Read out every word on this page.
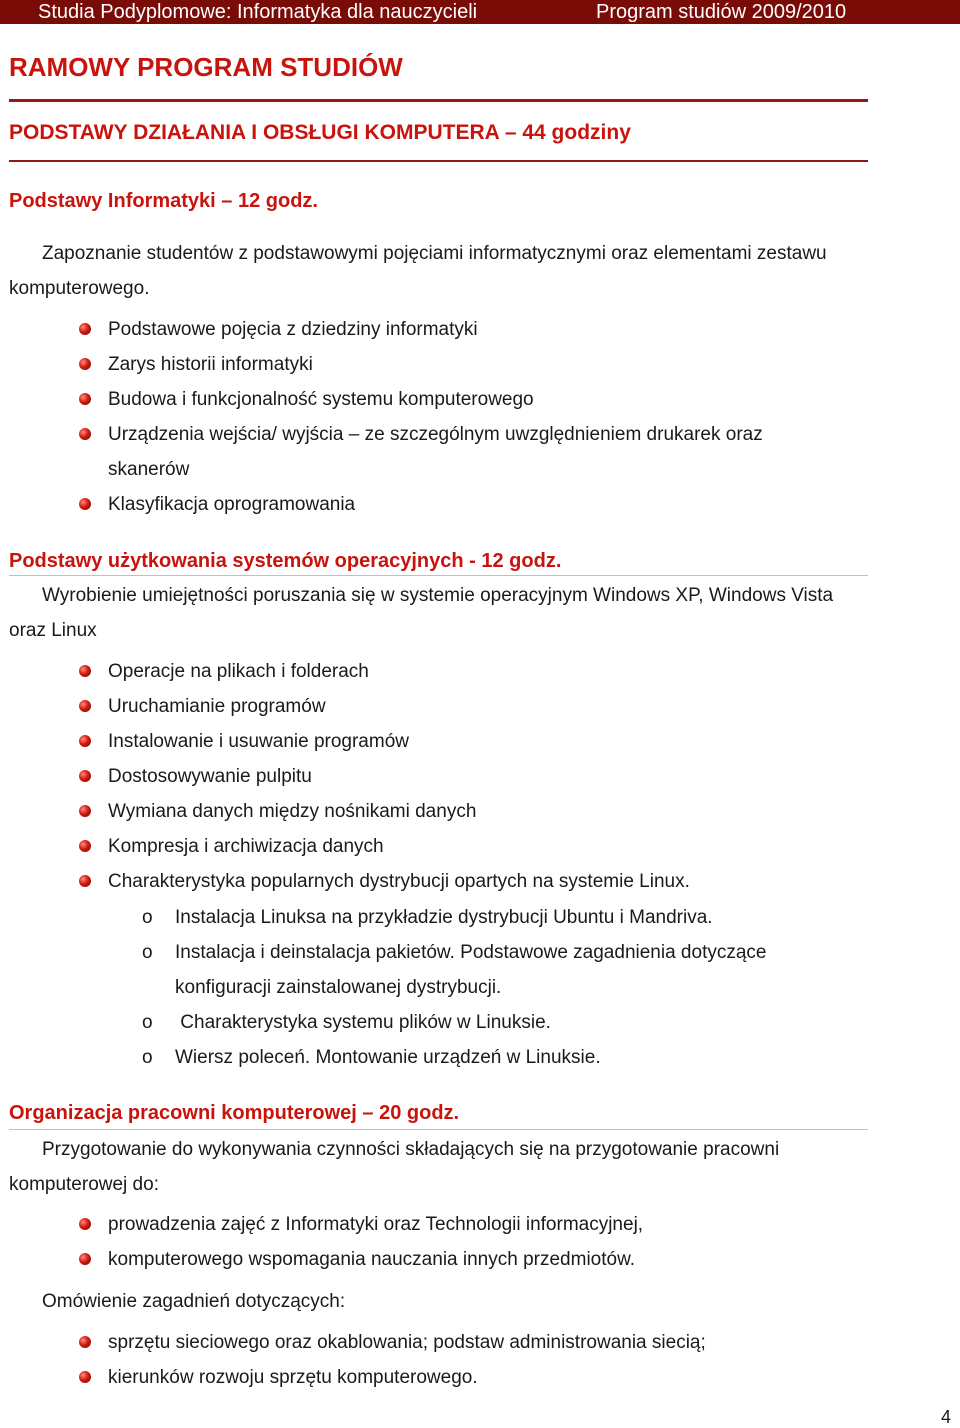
Studia Podyplomowe: Informatyka dla nauczycieli	Program studiów 2009/2010
RAMOWY PROGRAM STUDIÓW
PODSTAWY DZIAŁANIA I OBSŁUGI KOMPUTERA – 44 godziny
Podstawy Informatyki – 12 godz.

Zapoznanie studentów z podstawowymi pojęciami informatycznymi oraz elementami zestawu komputerowego.

Podstawowe pojęcia z dziedziny informatyki
Zarys historii informatyki
Budowa i funkcjonalność systemu komputerowego
Urządzenia wejścia/ wyjścia – ze szczególnym uwzględnieniem drukarek oraz skanerów
Klasyfikacja oprogramowania
Podstawy użytkowania systemów operacyjnych - 12 godz.

Wyrobienie umiejętności poruszania się w systemie operacyjnym Windows XP, Windows Vista oraz Linux

Operacje na plikach i folderach
Uruchamianie programów
Instalowanie i usuwanie programów
Dostosowywanie pulpitu
Wymiana danych między nośnikami danych
Kompresja i archiwizacja danych
Charakterystyka popularnych dystrybucji opartych na systemie Linux.
o Instalacja Linuksa na przykładzie dystrybucji Ubuntu i Mandriva.
o Instalacja i deinstalacja pakietów. Podstawowe zagadnienia dotyczące konfiguracji zainstalowanej dystrybucji.
o Charakterystyka systemu plików w Linuksie.
o Wiersz poleceń. Montowanie urządzeń w Linuksie.
Organizacja pracowni komputerowej – 20 godz.

Przygotowanie do wykonywania czynności składających się na przygotowanie pracowni komputerowej do:

prowadzenia zajęć z Informatyki oraz Technologii informacyjnej,
komputerowego wspomagania nauczania innych przedmiotów.

Omówienie zagadnień dotyczących:

sprzętu sieciowego oraz okablowania; podstaw administrowania siecią;
kierunków rozwoju sprzętu komputerowego.
4
